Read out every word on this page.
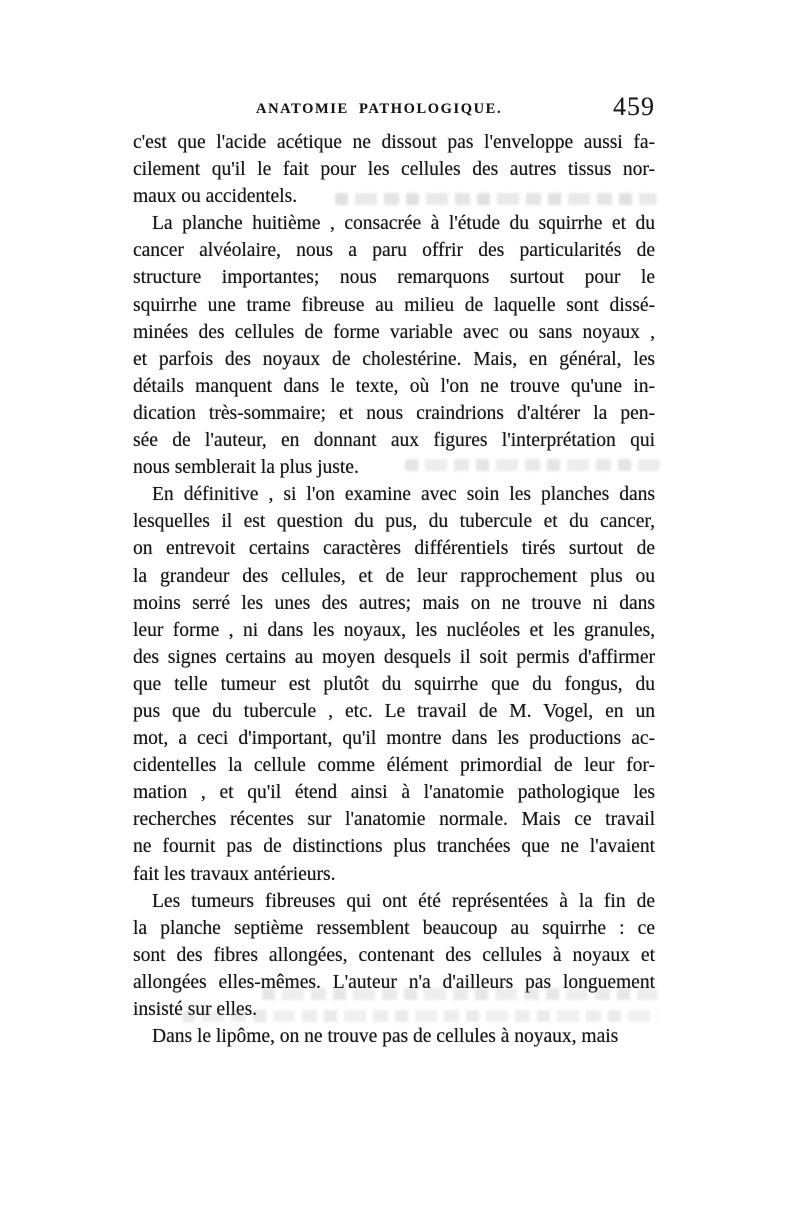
ANATOMIE PATHOLOGIQUE.	459
c'est que l'acide acétique ne dissout pas l'enveloppe aussi fa-
cilement qu'il le fait pour les cellules des autres tissus nor-
maux ou accidentels.
La planche huitième , consacrée à l'étude du squirrhe et du
cancer alvéolaire, nous a paru offrir des particularités de
structure importantes; nous remarquons surtout pour le
squirrhe une trame fibreuse au milieu de laquelle sont dissé-
minées des cellules de forme variable avec ou sans noyaux ,
et parfois des noyaux de cholestérine. Mais, en général, les
détails manquent dans le texte, où l'on ne trouve qu'une in-
dication très-sommaire; et nous craindrions d'altérer la pen-
sée de l'auteur, en donnant aux figures l'interprétation qui
nous semblerait la plus juste.
En définitive , si l'on examine avec soin les planches dans
lesquelles il est question du pus, du tubercule et du cancer,
on entrevoit certains caractères différentiels tirés surtout de
la grandeur des cellules, et de leur rapprochement plus ou
moins serré les unes des autres; mais on ne trouve ni dans
leur forme , ni dans les noyaux, les nucléoles et les granules,
des signes certains au moyen desquels il soit permis d'affirmer
que telle tumeur est plutôt du squirrhe que du fongus, du
pus que du tubercule , etc. Le travail de M. Vogel, en un
mot, a ceci d'important, qu'il montre dans les productions ac-
cidentelles la cellule comme élément primordial de leur for-
mation , et qu'il étend ainsi à l'anatomie pathologique les
recherches récentes sur l'anatomie normale. Mais ce travail
ne fournit pas de distinctions plus tranchées que ne l'avaient
fait les travaux antérieurs.
Les tumeurs fibreuses qui ont été représentées à la fin de
la planche septième ressemblent beaucoup au squirrhe : ce
sont des fibres allongées, contenant des cellules à noyaux et
allongées elles-mêmes. L'auteur n'a d'ailleurs pas longuement
insisté sur elles.
Dans le lipôme, on ne trouve pas de cellules à noyaux, mais
